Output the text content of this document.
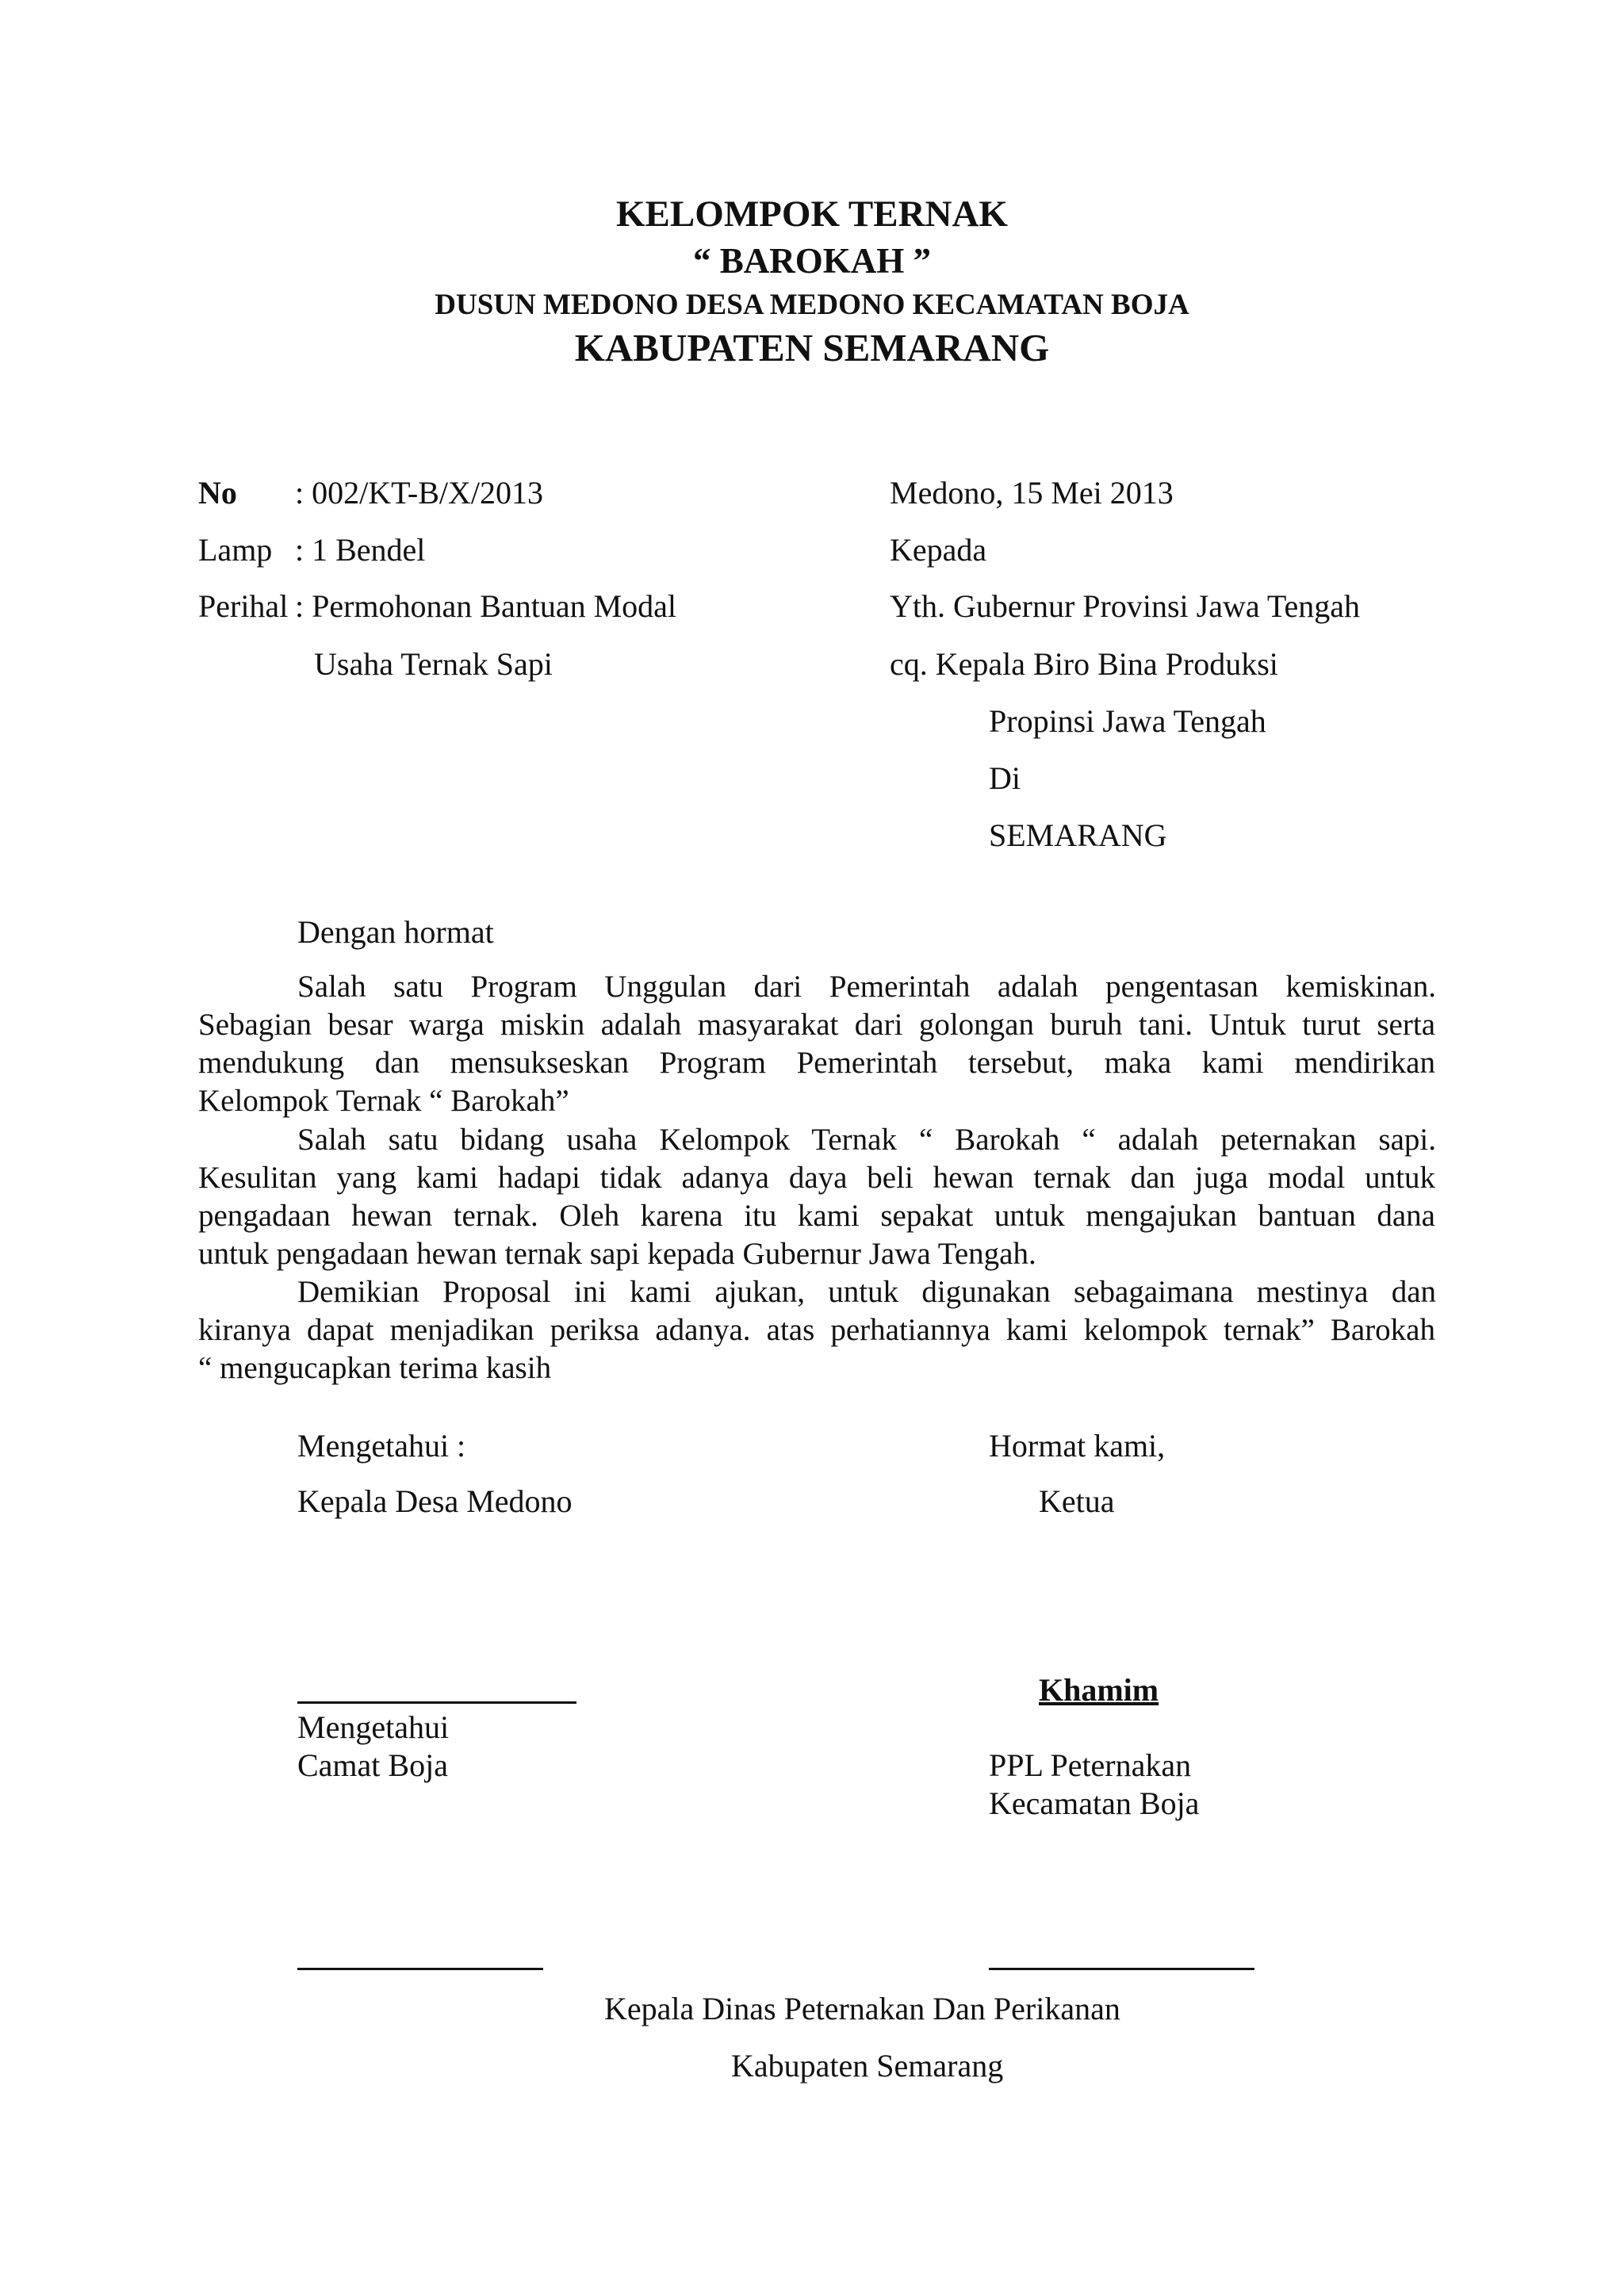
KELOMPOK TERNAK
“ BAROKAH ”
DUSUN MEDONO DESA MEDONO KECAMATAN BOJA
KABUPATEN SEMARANG
No : 002/KT-B/X/2013
Lamp : 1 Bendel
Perihal : Permohonan Bantuan Modal
Usaha Ternak Sapi
Medono, 15 Mei 2013
Kepada
Yth. Gubernur Provinsi Jawa Tengah
cq. Kepala Biro Bina Produksi
Propinsi Jawa Tengah
Di
SEMARANG
Dengan hormat
Salah satu Program Unggulan dari Pemerintah adalah pengentasan kemiskinan.
Sebagian besar warga miskin adalah masyarakat dari golongan buruh tani. Untuk turut serta
mendukung dan mensukseskan Program Pemerintah tersebut, maka kami mendirikan
Kelompok Ternak “ Barokah”
Salah satu bidang usaha Kelompok Ternak “ Barokah “ adalah peternakan sapi.
Kesulitan yang kami hadapi tidak adanya daya beli hewan ternak dan juga modal untuk
pengadaan hewan ternak. Oleh karena itu kami sepakat untuk mengajukan bantuan dana
untuk pengadaan hewan ternak sapi kepada Gubernur Jawa Tengah.
Demikian Proposal ini kami ajukan, untuk digunakan sebagaimana mestinya dan
kiranya dapat menjadikan periksa adanya. atas perhatiannya kami kelompok ternak” Barokah
“ mengucapkan terima kasih
Mengetahui :
Kepala Desa Medono
Hormat kami,
Ketua
Khamim
Mengetahui
Camat Boja	PPL Peternakan
Kecamatan Boja
Kepala Dinas Peternakan Dan Perikanan
Kabupaten Semarang
